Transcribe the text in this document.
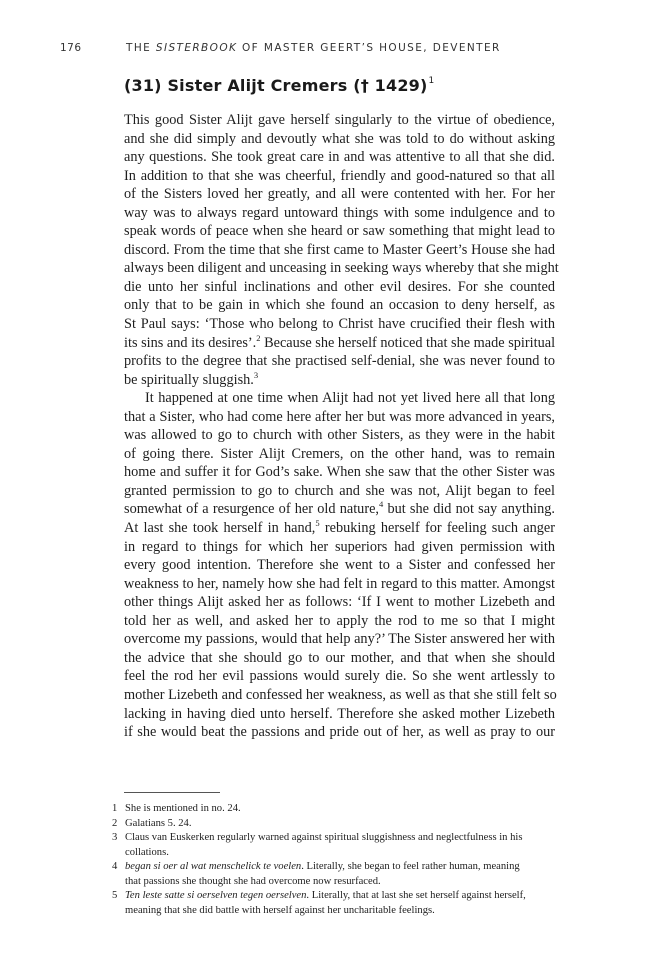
176	THE SISTERBOOK OF MASTER GEERT’S HOUSE, DEVENTER
(31) Sister Alijt Cremers († 1429)$^1$
This good Sister Alijt gave herself singularly to the virtue of obedience,
and she did simply and devoutly what she was told to do without asking
any questions. She took great care in and was attentive to all that she did.
In addition to that she was cheerful, friendly and good-natured so that all
of the Sisters loved her greatly, and all were contented with her. For her
way was to always regard untoward things with some indulgence and to
speak words of peace when she heard or saw something that might lead to
discord. From the time that she first came to Master Geert’s House she had
always been diligent and unceasing in seeking ways whereby that she might
die unto her sinful inclinations and other evil desires. For she counted
only that to be gain in which she found an occasion to deny herself, as
St Paul says: ‘Those who belong to Christ have crucified their flesh with
its sins and its desires’.$^2$ Because she herself noticed that she made spiritual
profits to the degree that she practised self-denial, she was never found to
be spiritually sluggish.$^3$
It happened at one time when Alijt had not yet lived here all that long
that a Sister, who had come here after her but was more advanced in years,
was allowed to go to church with other Sisters, as they were in the habit
of going there. Sister Alijt Cremers, on the other hand, was to remain
home and suffer it for God’s sake. When she saw that the other Sister was
granted permission to go to church and she was not, Alijt began to feel
somewhat of a resurgence of her old nature,$^4$ but she did not say anything.
At last she took herself in hand,$^5$ rebuking herself for feeling such anger
in regard to things for which her superiors had given permission with
every good intention. Therefore she went to a Sister and confessed her
weakness to her, namely how she had felt in regard to this matter. Amongst
other things Alijt asked her as follows: ‘If I went to mother Lizebeth and
told her as well, and asked her to apply the rod to me so that I might
overcome my passions, would that help any?’ The Sister answered her with
the advice that she should go to our mother, and that when she should
feel the rod her evil passions would surely die. So she went artlessly to
mother Lizebeth and confessed her weakness, as well as that she still felt so
lacking in having died unto herself. Therefore she asked mother Lizebeth
if she would beat the passions and pride out of her, as well as pray to our
1 She is mentioned in no. 24.
2 Galatians 5. 24.
3 Claus van Euskerken regularly warned against spiritual sluggishness and neglectfulness in his
collations.
4 began si oer al wat menschelick te voelen. Literally, she began to feel rather human, meaning
that passions she thought she had overcome now resurfaced.
5 Ten leste satte si oerselven tegen oerselven. Literally, that at last she set herself against herself,
meaning that she did battle with herself against her uncharitable feelings.
